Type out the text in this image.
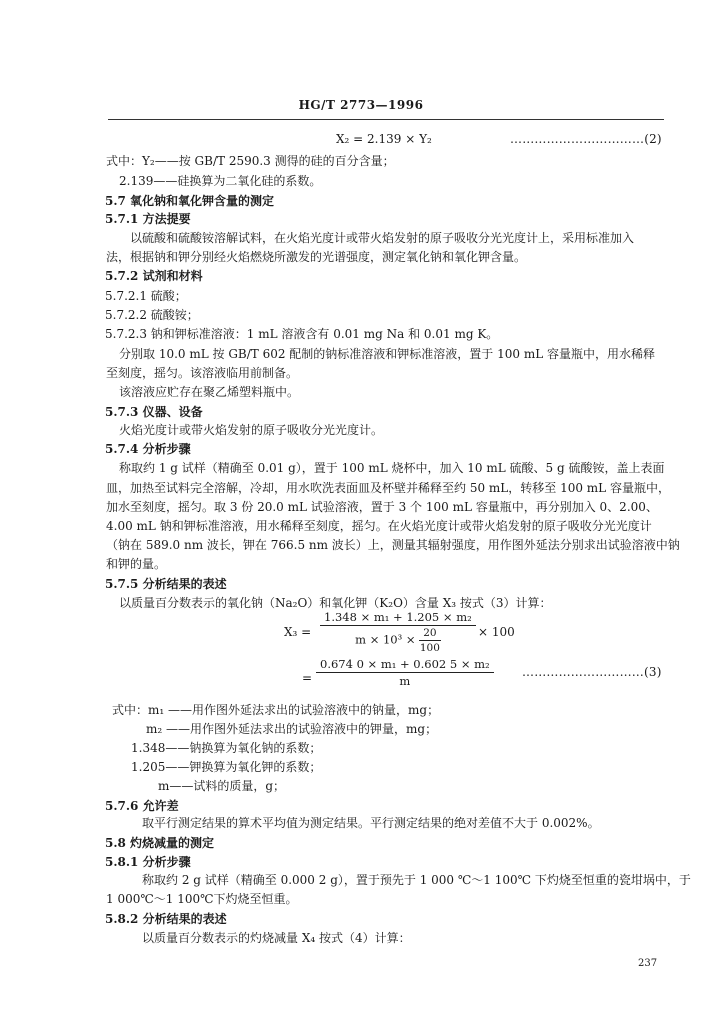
HG/T 2773—1996
X₂ = 2.139 × Y₂	……………………………(2)
式中：Y₂——按 GB/T 2590.3 测得的硅的百分含量；
2.139——硅换算为二氧化硅的系数。
5.7 氧化钠和氧化钾含量的测定
5.7.1 方法提要
以硫酸和硫酸铵溶解试料，在火焰光度计或带火焰发射的原子吸收分光光度计上，采用标准加入
法，根据钠和钾分别经火焰燃烧所激发的光谱强度，测定氧化钠和氧化钾含量。
5.7.2 试剂和材料
5.7.2.1 硫酸；
5.7.2.2 硫酸铵；
5.7.2.3 钠和钾标准溶液：1 mL 溶液含有 0.01 mg Na 和 0.01 mg K。
分别取 10.0 mL 按 GB/T 602 配制的钠标准溶液和钾标准溶液，置于 100 mL 容量瓶中，用水稀释
至刻度，摇匀。该溶液临用前制备。
该溶液应贮存在聚乙烯塑料瓶中。
5.7.3 仪器、设备
火焰光度计或带火焰发射的原子吸收分光光度计。
5.7.4 分析步骤
称取约 1 g 试样（精确至 0.01 g），置于 100 mL 烧杯中，加入 10 mL 硫酸、5 g 硫酸铵，盖上表面
皿，加热至试料完全溶解，冷却，用水吹洗表面皿及杯壁并稀释至约 50 mL，转移至 100 mL 容量瓶中，
加水至刻度，摇匀。取 3 份 20.0 mL 试验溶液，置于 3 个 100 mL 容量瓶中，再分别加入 0、2.00、
4.00 mL 钠和钾标准溶液，用水稀释至刻度，摇匀。在火焰光度计或带火焰发射的原子吸收分光光度计
（钠在 589.0 nm 波长，钾在 766.5 nm 波长）上，测量其辐射强度，用作图外延法分别求出试验溶液中钠
和钾的量。
5.7.5 分析结果的表述
以质量百分数表示的氧化钠（Na₂O）和氧化钾（K₂O）含量 X₃ 按式（3）计算：
$X_3 = \frac{\text{1.348 × m₁ + 1.205 × m₂}}{m \times 10^3 \times \frac{20}{100}} \times 100$
= $\frac{\text{0.674 0 × m₁ + 0.602 5 × m₂}}{m}$ …………………………(3)
式中：m₁ ——用作图外延法求出的试验溶液中的钠量，mg；
m₂ ——用作图外延法求出的试验溶液中的钾量，mg；
1.348——钠换算为氧化钠的系数；
1.205——钾换算为氧化钾的系数；
m——试料的质量，g；
5.7.6 允许差
取平行测定结果的算术平均值为测定结果。平行测定结果的绝对差值不大于 0.002%。
5.8 灼烧减量的测定
5.8.1 分析步骤
称取约 2 g 试样（精确至 0.000 2 g），置于预先于 1 000 ℃～1 100℃ 下灼烧至恒重的瓷坩埚中，于
1 000℃～1 100℃下灼烧至恒重。
5.8.2 分析结果的表述
以质量百分数表示的灼烧减量 X₄ 按式（4）计算：
237
